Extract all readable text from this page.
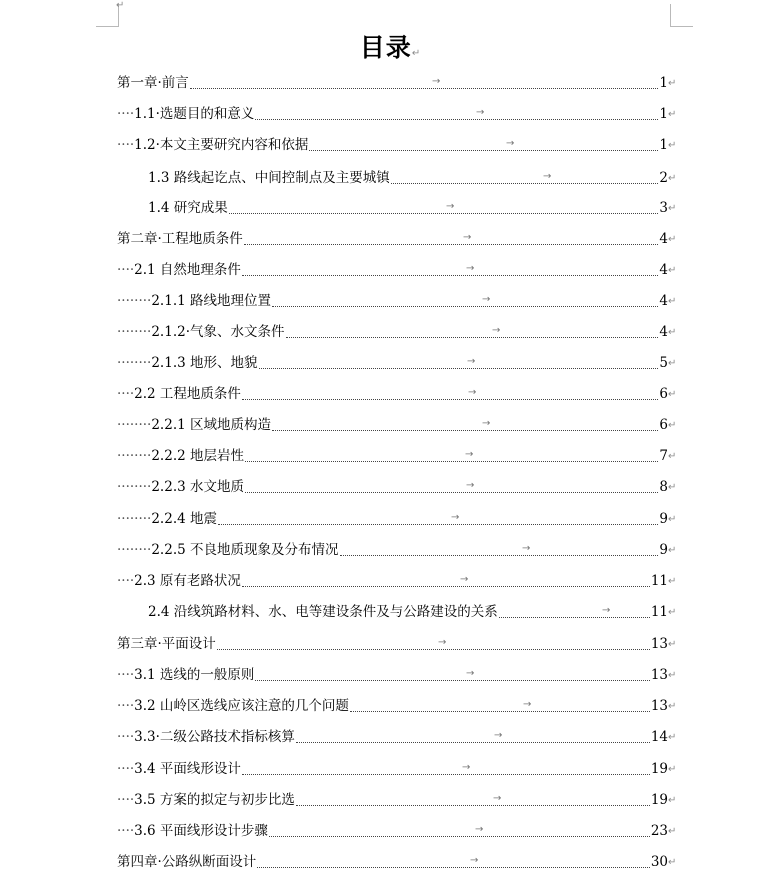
↵
目录↵
第一章·前言	→	1 ↵
····1.1·选题目的和意义	→	1 ↵
····1.2·本文主要研究内容和依据	→	1 ↵
1.3 路线起讫点、中间控制点及主要城镇	→	2 ↵
1.4 研究成果	→	3 ↵
第二章·工程地质条件	→	4 ↵
····2.1 自然地理条件	→	4 ↵
········2.1.1 路线地理位置	→	4 ↵
········2.1.2·气象、水文条件	→	4 ↵
········2.1.3 地形、地貌	→	5 ↵
····2.2 工程地质条件	→	6 ↵
········2.2.1 区域地质构造	→	6 ↵
········2.2.2 地层岩性	→	7 ↵
········2.2.3 水文地质	→	8 ↵
········2.2.4 地震	→	9 ↵
········2.2.5 不良地质现象及分布情况	→	9 ↵
····2.3 原有老路状况	→	11 ↵
2.4 沿线筑路材料、水、电等建设条件及与公路建设的关系	→	11 ↵
第三章·平面设计	→	13 ↵
····3.1 选线的一般原则	→	13 ↵
····3.2 山岭区选线应该注意的几个问题	→	13 ↵
····3.3·二级公路技术指标核算	→	14 ↵
····3.4 平面线形设计	→	19 ↵
····3.5 方案的拟定与初步比选	→	19 ↵
····3.6 平面线形设计步骤	→	23 ↵
第四章·公路纵断面设计	→	30 ↵
